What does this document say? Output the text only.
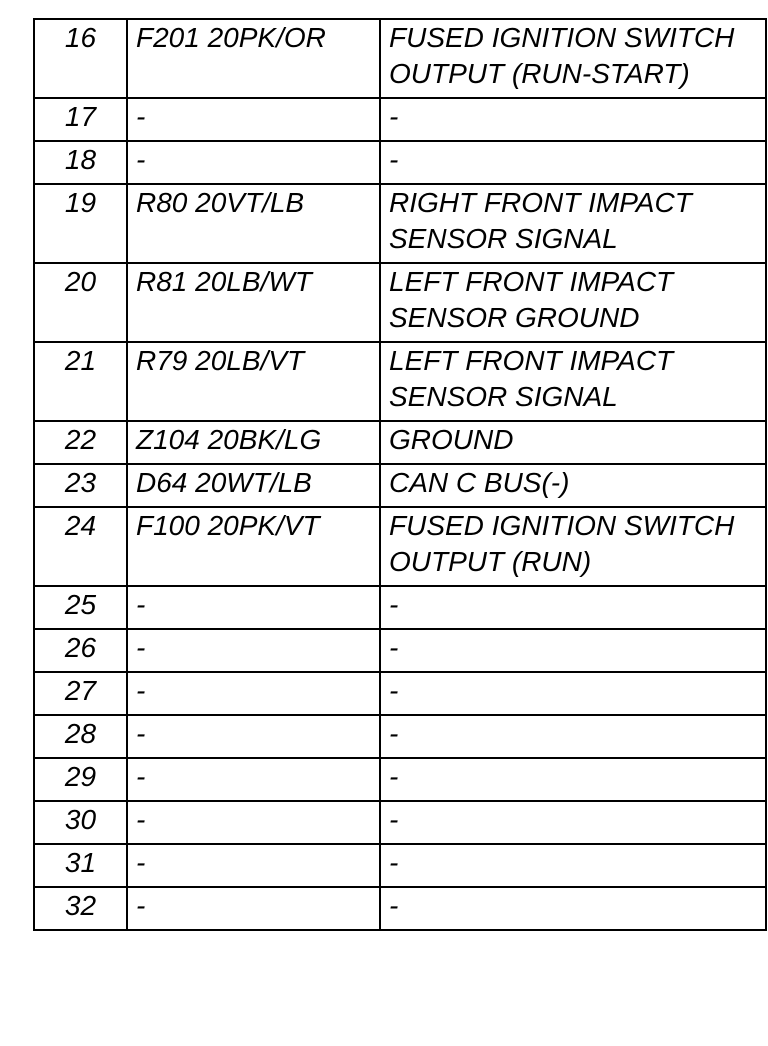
16	F201 20PK/OR	FUSED IGNITION SWITCH OUTPUT (RUN-START)
17	-	-
18	-	-
19	R80 20VT/LB	RIGHT FRONT IMPACT SENSOR SIGNAL
20	R81 20LB/WT	LEFT FRONT IMPACT SENSOR GROUND
21	R79 20LB/VT	LEFT FRONT IMPACT SENSOR SIGNAL
22	Z104 20BK/LG	GROUND
23	D64 20WT/LB	CAN C BUS(-)
24	F100 20PK/VT	FUSED IGNITION SWITCH OUTPUT (RUN)
25	-	-
26	-	-
27	-	-
28	-	-
29	-	-
30	-	-
31	-	-
32	-	-
